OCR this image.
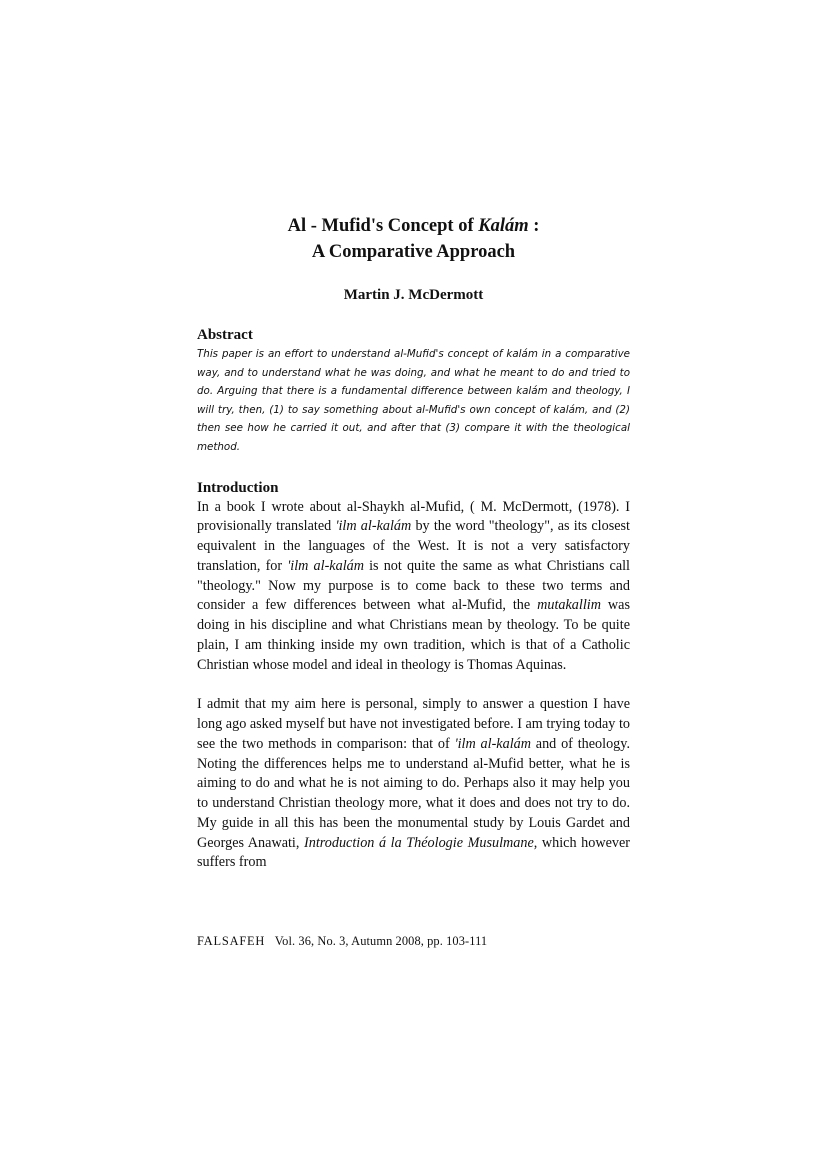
Al - Mufid's Concept of Kalám :
A Comparative Approach
Martin J. McDermott
Abstract

This paper is an effort to understand al-Mufid's concept of kalám in a comparative way, and to understand what he was doing, and what he meant to do and tried to do. Arguing that there is a fundamental difference between kalám and theology, I will try, then, (1) to say something about al-Mufid's own concept of kalám, and (2) then see how he carried it out, and after that (3) compare it with the theological method.

Introduction

In a book I wrote about al-Shaykh al-Mufid, ( M. McDermott, (1978). I provisionally translated 'ilm al-kalám by the word "theology", as its closest equivalent in the languages of the West. It is not a very satisfactory translation, for 'ilm al-kalám is not quite the same as what Christians call "theology." Now my purpose is to come back to these two terms and consider a few differences between what al-Mufid, the mutakallim was doing in his discipline and what Christians mean by theology. To be quite plain, I am thinking inside my own tradition, which is that of a Catholic Christian whose model and ideal in theology is Thomas Aquinas.

I admit that my aim here is personal, simply to answer a question I have long ago asked myself but have not investigated before. I am trying today to see the two methods in comparison: that of 'ilm al-kalám and of theology. Noting the differences helps me to understand al-Mufid better, what he is aiming to do and what he is not aiming to do. Perhaps also it may help you to understand Christian theology more, what it does and does not try to do. My guide in all this has been the monumental study by Louis Gardet and Georges Anawati, Introduction á la Théologie Musulmane, which however suffers from

FALSAFEH Vol. 36, No. 3, Autumn 2008, pp. 103-111
